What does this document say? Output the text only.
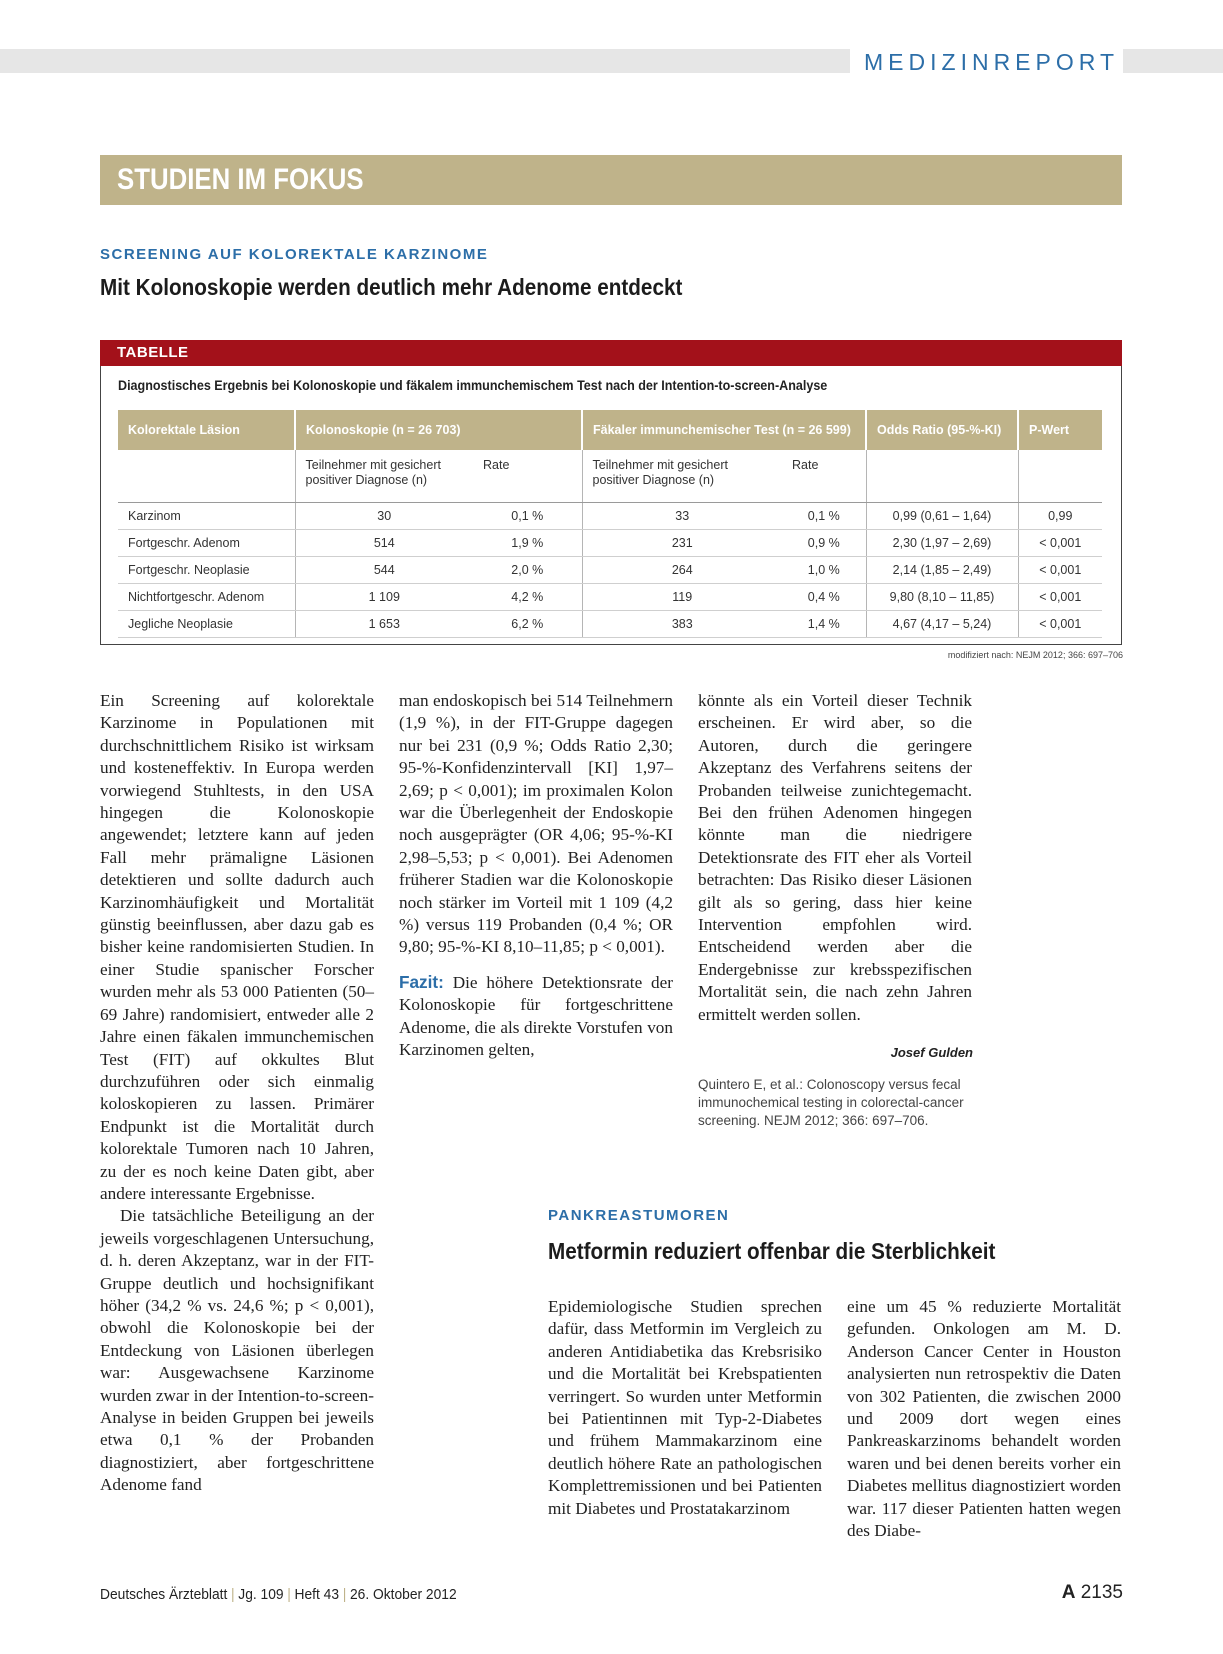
MEDIZINREPORT
STUDIEN IM FOKUS
SCREENING AUF KOLOREKTALE KARZINOME
Mit Kolonoskopie werden deutlich mehr Adenome entdeckt
TABELLE
Diagnostisches Ergebnis bei Kolonoskopie und fäkalem immunchemischem Test nach der Intention-to-screen-Analyse
Kolorektale Läsion	Kolonoskopie (n = 26 703)		Fäkaler immunchemischer Test (n = 26 599)		Odds Ratio (95-%-KI)	P-Wert
	Teilnehmer mit gesichert positiver Diagnose (n)	Rate	Teilnehmer mit gesichert positiver Diagnose (n)	Rate		
Karzinom	30	0,1 %	33	0,1 %	0,99 (0,61 – 1,64)	0,99
Fortgeschr. Adenom	514	1,9 %	231	0,9 %	2,30 (1,97 – 2,69)	< 0,001
Fortgeschr. Neoplasie	544	2,0 %	264	1,0 %	2,14 (1,85 – 2,49)	< 0,001
Nichtfortgeschr. Adenom	1 109	4,2 %	119	0,4 %	9,80 (8,10 – 11,85)	< 0,001
Jegliche Neoplasie	1 653	6,2 %	383	1,4 %	4,67 (4,17 – 5,24)	< 0,001
modifiziert nach: NEJM 2012; 366: 697–706

Ein Screening auf kolorektale Karzinome in Populationen mit durchschnittlichem Risiko ist wirksam und kosteneffektiv. In Europa werden vorwiegend Stuhltests, in den USA hingegen die Kolonoskopie angewendet; letztere kann auf jeden Fall mehr prämaligne Läsionen detektieren und sollte dadurch auch Karzinomhäufigkeit und Mortalität günstig beeinflussen, aber dazu gab es bisher keine randomisierten Studien. In einer Studie spanischer Forscher wurden mehr als 53 000 Patienten (50–69 Jahre) randomisiert, entweder alle 2 Jahre einen fäkalen immunchemischen Test (FIT) auf okkultes Blut durchzuführen oder sich einmalig koloskopieren zu lassen. Primärer Endpunkt ist die Mortalität durch kolorektale Tumoren nach 10 Jahren, zu der es noch keine Daten gibt, aber andere interessante Ergebnisse.

Die tatsächliche Beteiligung an der jeweils vorgeschlagenen Untersuchung, d. h. deren Akzeptanz, war in der FIT-Gruppe deutlich und hochsignifikant höher (34,2 % vs. 24,6 %; p < 0,001), obwohl die Kolonoskopie bei der Entdeckung von Läsionen überlegen war: Ausgewachsene Karzinome wurden zwar in der Intention-to-screen-Analyse in beiden Gruppen bei jeweils etwa 0,1 % der Probanden diagnostiziert, aber fortgeschrittene Adenome fand

man endoskopisch bei 514 Teilnehmern (1,9 %), in der FIT-Gruppe dagegen nur bei 231 (0,9 %; Odds Ratio 2,30; 95-%-Konfidenzintervall [KI] 1,97–2,69; p < 0,001); im proximalen Kolon war die Überlegenheit der Endoskopie noch ausgeprägter (OR 4,06; 95-%-KI 2,98–5,53; p < 0,001). Bei Adenomen früherer Stadien war die Kolonoskopie noch stärker im Vorteil mit 1 109 (4,2 %) versus 119 Probanden (0,4 %; OR 9,80; 95-%-KI 8,10–11,85; p < 0,001).

Fazit: Die höhere Detektionsrate der Kolonoskopie für fortgeschrittene Adenome, die als direkte Vorstufen von Karzinomen gelten,

könnte als ein Vorteil dieser Technik erscheinen. Er wird aber, so die Autoren, durch die geringere Akzeptanz des Verfahrens seitens der Probanden teilweise zunichtegemacht. Bei den frühen Adenomen hingegen könnte man die niedrigere Detektionsrate des FIT eher als Vorteil betrachten: Das Risiko dieser Läsionen gilt als so gering, dass hier keine Intervention empfohlen wird. Entscheidend werden aber die Endergebnisse zur krebsspezifischen Mortalität sein, die nach zehn Jahren ermittelt werden sollen.

Josef Gulden
Quintero E, et al.: Colonoscopy versus fecal immunochemical testing in colorectal-cancer screening. NEJM 2012; 366: 697–706.
PANKREASTUMOREN
Metformin reduziert offenbar die Sterblichkeit

Epidemiologische Studien sprechen dafür, dass Metformin im Vergleich zu anderen Antidiabetika das Krebsrisiko und die Mortalität bei Krebspatienten verringert. So wurden unter Metformin bei Patientinnen mit Typ-2-Diabetes und frühem Mammakarzinom eine deutlich höhere Rate an pathologischen Komplettremissionen und bei Patienten mit Diabetes und Prostatakarzinom

eine um 45 % reduzierte Mortalität gefunden. Onkologen am M. D. Anderson Cancer Center in Houston analysierten nun retrospektiv die Daten von 302 Patienten, die zwischen 2000 und 2009 dort wegen eines Pankreaskarzinoms behandelt worden waren und bei denen bereits vorher ein Diabetes mellitus diagnostiziert worden war. 117 dieser Patienten hatten wegen des Diabe-

Deutsches Ärzteblatt | Jg. 109 | Heft 43 | 26. Oktober 2012	A 2135
